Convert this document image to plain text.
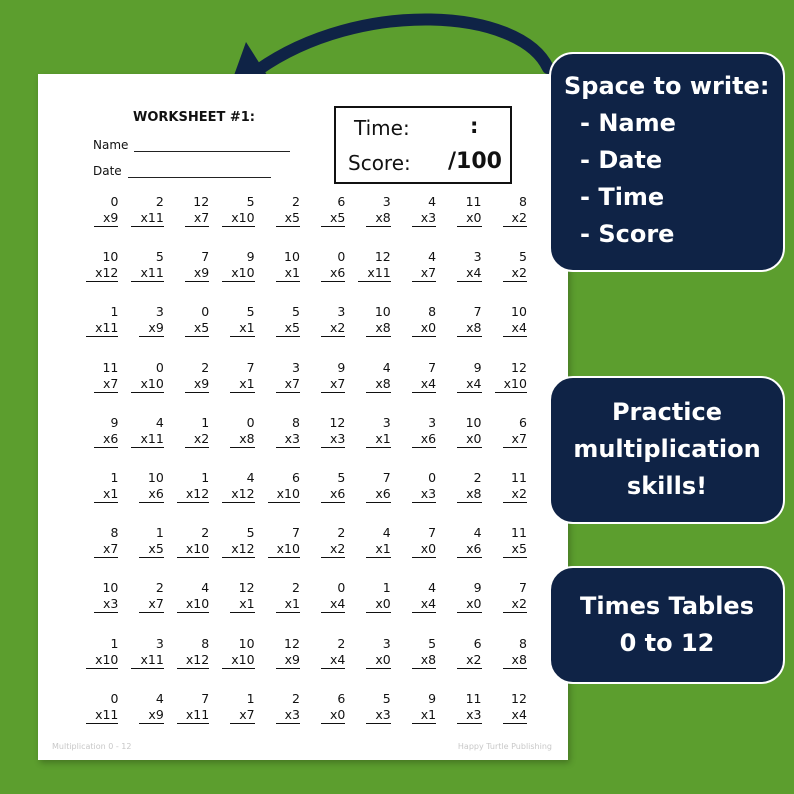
WORKSHEET #1:
Name
Date
Time:	:
Score: /100
0
x9
2
x11
12
x7
5
x10
2
x5
6
x5
3
x8
4
x3
11
x0
8
x2
10
x12
5
x11
7
x9
9
x10
10
x1
0
x6
12
x11
4
x7
3
x4
5
x2
1
x11
3
x9
0
x5
5
x1
5
x5
3
x2
10
x8
8
x0
7
x8
10
x4
11
x7
0
x10
2
x9
7
x1
3
x7
9
x7
4
x8
7
x4
9
x4
12
x10
9
x6
4
x11
1
x2
0
x8
8
x3
12
x3
3
x1
3
x6
10
x0
6
x7
1
x1
10
x6
1
x12
4
x12
6
x10
5
x6
7
x6
0
x3
2
x8
11
x2
8
x7
1
x5
2
x10
5
x12
7
x10
2
x2
4
x1
7
x0
4
x6
11
x5
10
x3
2
x7
4
x10
12
x1
2
x1
0
x4
1
x0
4
x4
9
x0
7
x2
1
x10
3
x11
8
x12
10
x10
12
x9
2
x4
3
x0
5
x8
6
x2
8
x8
0
x11
4
x9
7
x11
1
x7
2
x3
6
x0
5
x3
9
x1
11
x3
12
x4
Multiplication 0 - 12	Happy Turtle Publishing
Space to write:
- Name
- Date
- Time
- Score
Practice
multiplication
skills!
Times Tables
0 to 12
